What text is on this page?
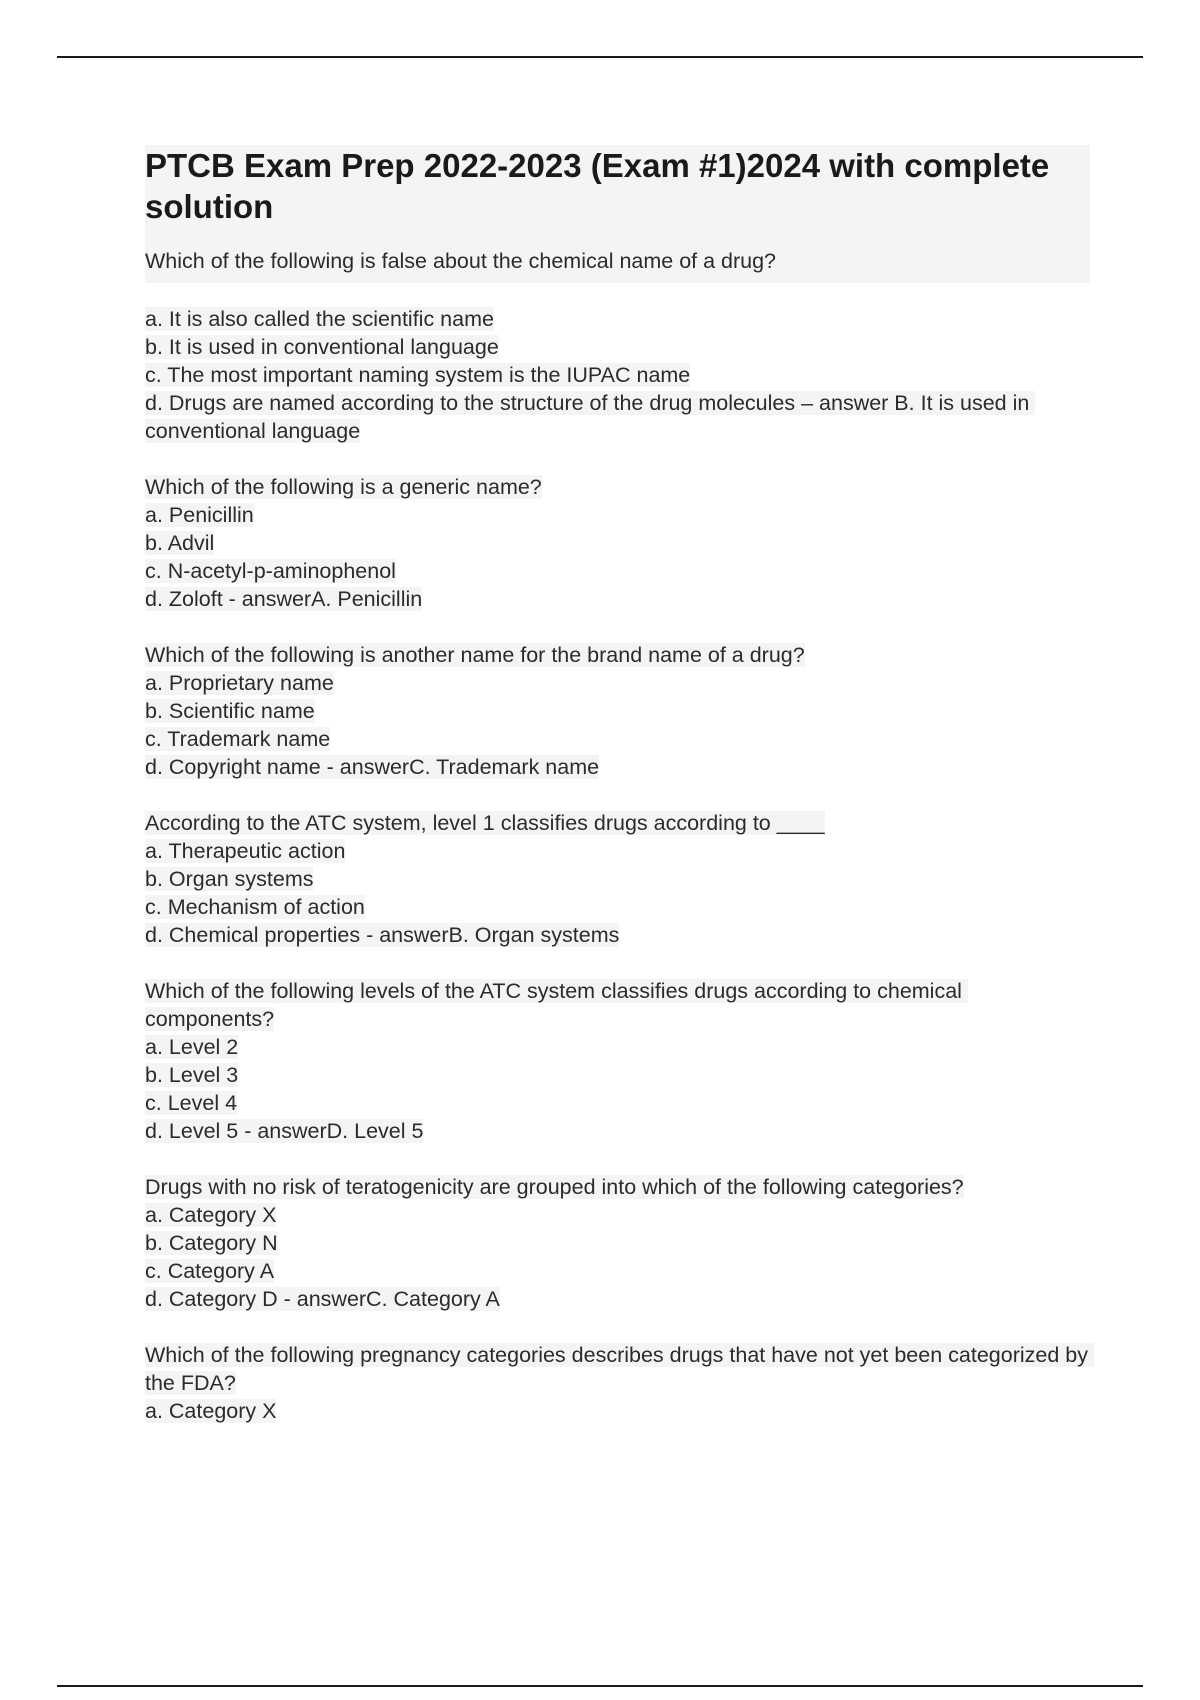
PTCB Exam Prep 2022-2023 (Exam #1)2024 with complete solution
Which of the following is false about the chemical name of a drug?
a. It is also called the scientific name
b. It is used in conventional language
c. The most important naming system is the IUPAC name
d. Drugs are named according to the structure of the drug molecules – answer B. It is used in conventional language
Which of the following is a generic name?
a. Penicillin
b. Advil
c. N-acetyl-p-aminophenol
d. Zoloft - answerA. Penicillin
Which of the following is another name for the brand name of a drug?
a. Proprietary name
b. Scientific name
c. Trademark name
d. Copyright name - answerC. Trademark name
According to the ATC system, level 1 classifies drugs according to ____
a. Therapeutic action
b. Organ systems
c. Mechanism of action
d. Chemical properties - answerB. Organ systems
Which of the following levels of the ATC system classifies drugs according to chemical components?
a. Level 2
b. Level 3
c. Level 4
d. Level 5 - answerD. Level 5
Drugs with no risk of teratogenicity are grouped into which of the following categories?
a. Category X
b. Category N
c. Category A
d. Category D - answerC. Category A
Which of the following pregnancy categories describes drugs that have not yet been categorized by the FDA?
a. Category X
